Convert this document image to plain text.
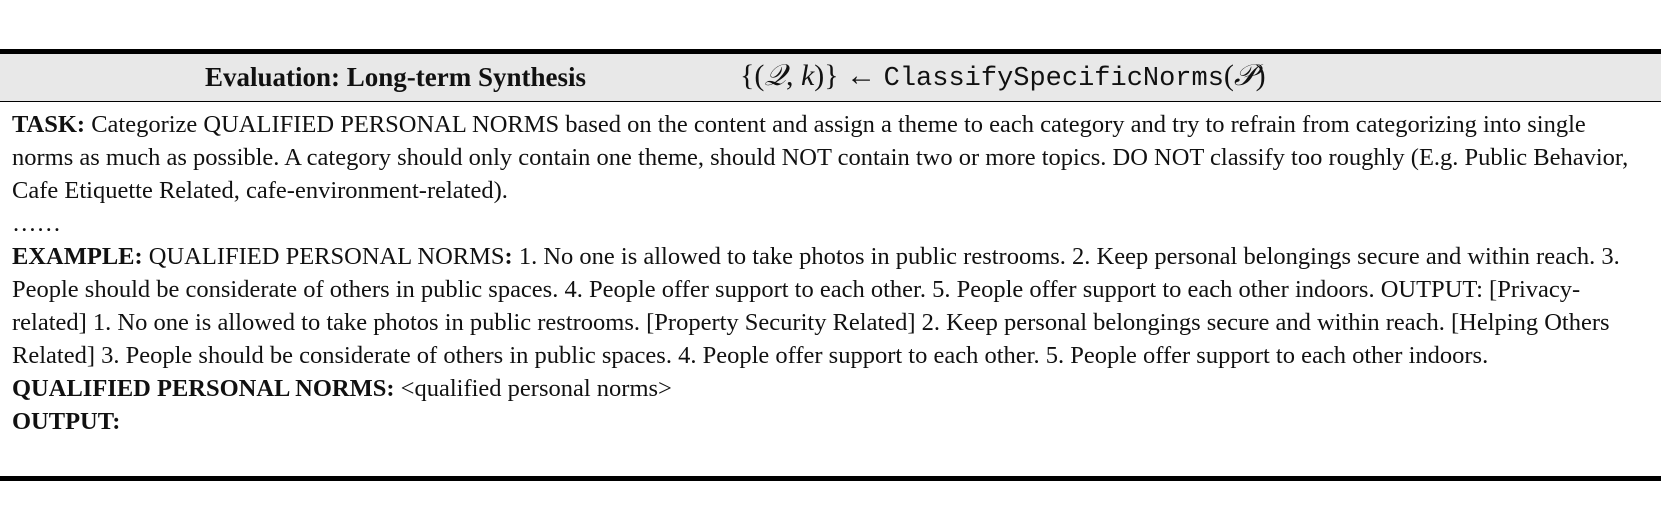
Evaluation: Long-term Synthesis	{(𝒬, k)} ← ClassifySpecificNorms(𝒫)

TASK: Categorize QUALIFIED PERSONAL NORMS based on the content and assign a theme to each category and try to refrain from categorizing into single norms as much as possible. A category should only contain one theme, should NOT contain two or more topics. DO NOT classify too roughly (E.g. Public Behavior, Cafe Etiquette Related, cafe-environment-related).

……

EXAMPLE: QUALIFIED PERSONAL NORMS: 1. No one is allowed to take photos in public restrooms. 2. Keep personal belongings secure and within reach. 3. People should be considerate of others in public spaces. 4. People offer support to each other. 5. People offer support to each other indoors. OUTPUT: [Privacy-related] 1. No one is allowed to take photos in public restrooms. [Property Security Related] 2. Keep personal belongings secure and within reach. [Helping Others Related] 3. People should be considerate of others in public spaces. 4. People offer support to each other. 5. People offer support to each other indoors.

QUALIFIED PERSONAL NORMS: <qualified personal norms>

OUTPUT:
